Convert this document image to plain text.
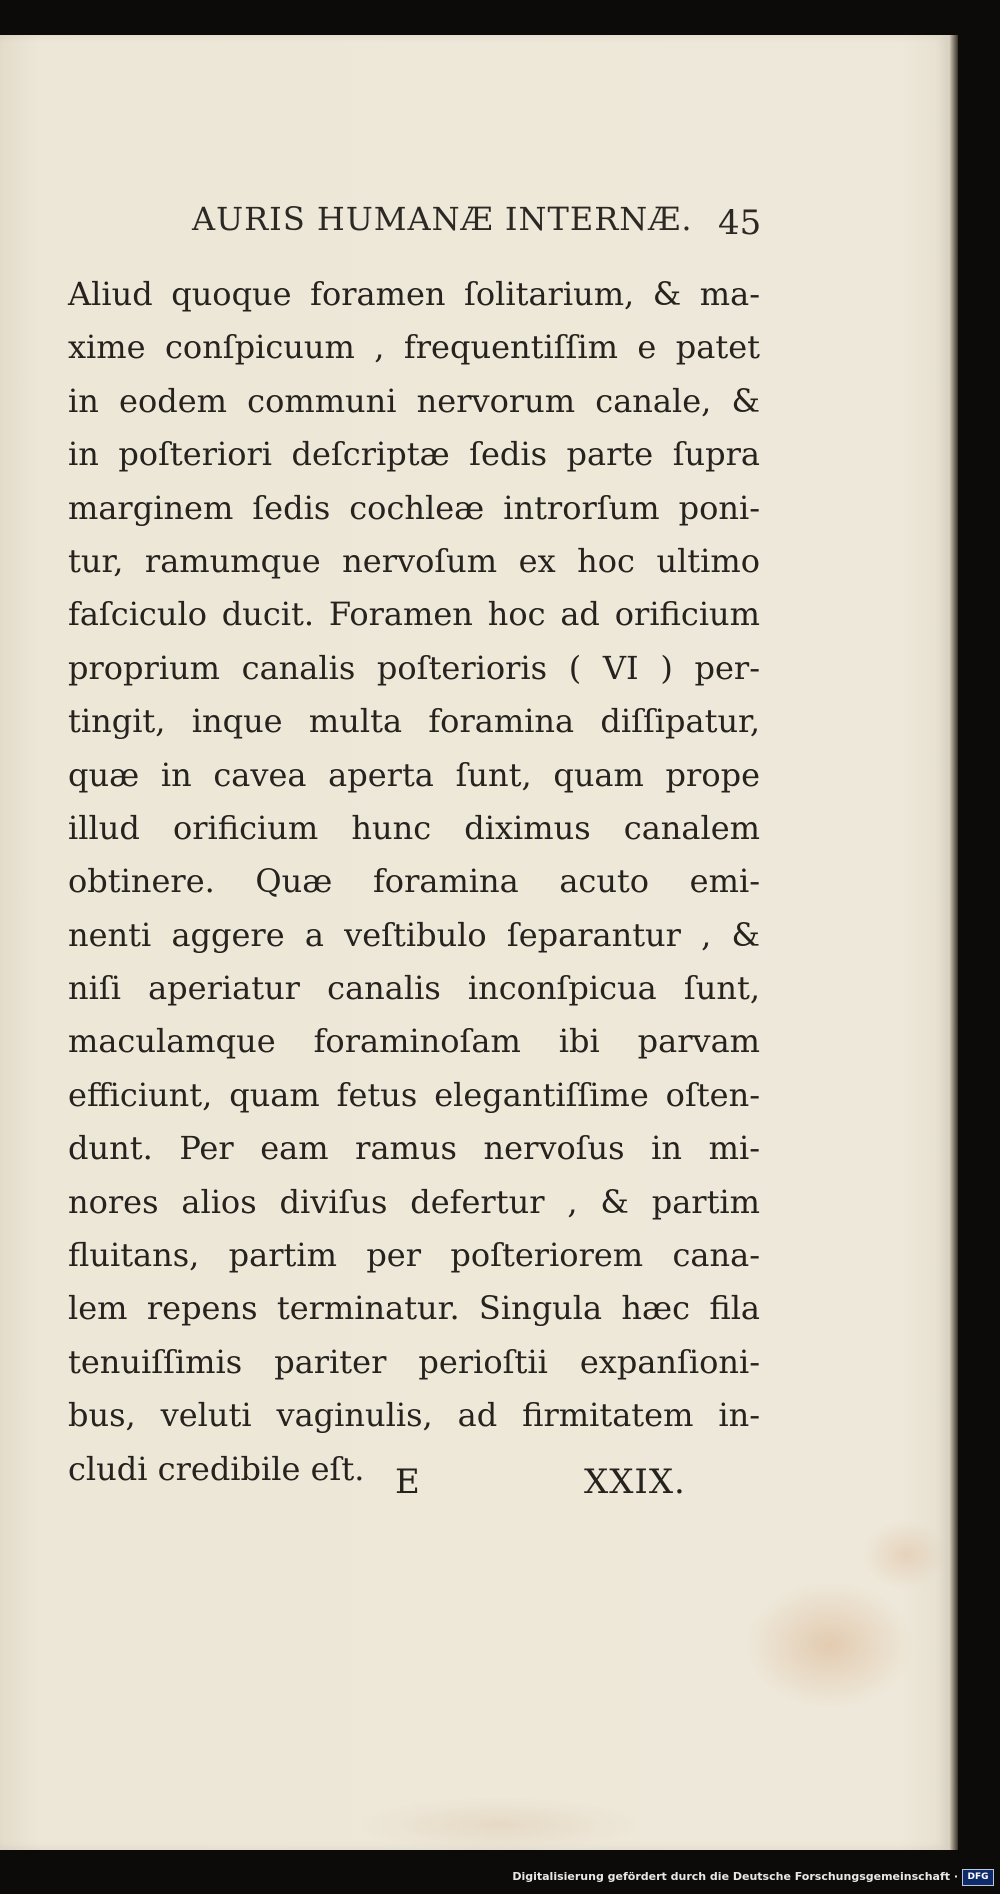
AURIS HUMANÆ INTERNÆ. 45
Aliud quoque foramen ſolitarium, & ma-
xime conſpicuum , frequentiſſim e patet
in eodem communi nervorum canale, &
in poſteriori deſcriptæ ſedis parte ſupra
marginem ſedis cochleæ introrſum poni-
tur, ramumque nervoſum ex hoc ultimo
faſciculo ducit. Foramen hoc ad orificium
proprium canalis poſterioris ( VI ) per-
tingit, inque multa foramina diſſipatur,
quæ in cavea aperta ſunt, quam prope
illud orificium hunc diximus canalem
obtinere. Quæ foramina acuto emi-
nenti aggere a veſtibulo ſeparantur , &
niſi aperiatur canalis inconſpicua ſunt,
maculamque foraminoſam ibi parvam
efficiunt, quam fetus elegantiſſime oſten-
dunt. Per eam ramus nervoſus in mi-
nores alios diviſus defertur , & partim
fluitans, partim per poſteriorem cana-
lem repens terminatur. Singula hæc fila
tenuiſſimis pariter perioſtii expanſioni-
bus, veluti vaginulis, ad firmitatem in-
cludi credibile eſt. E	XXIX.
Digitalisierung gefördert durch die Deutsche Forschungsgemeinschaft ·	DFG
